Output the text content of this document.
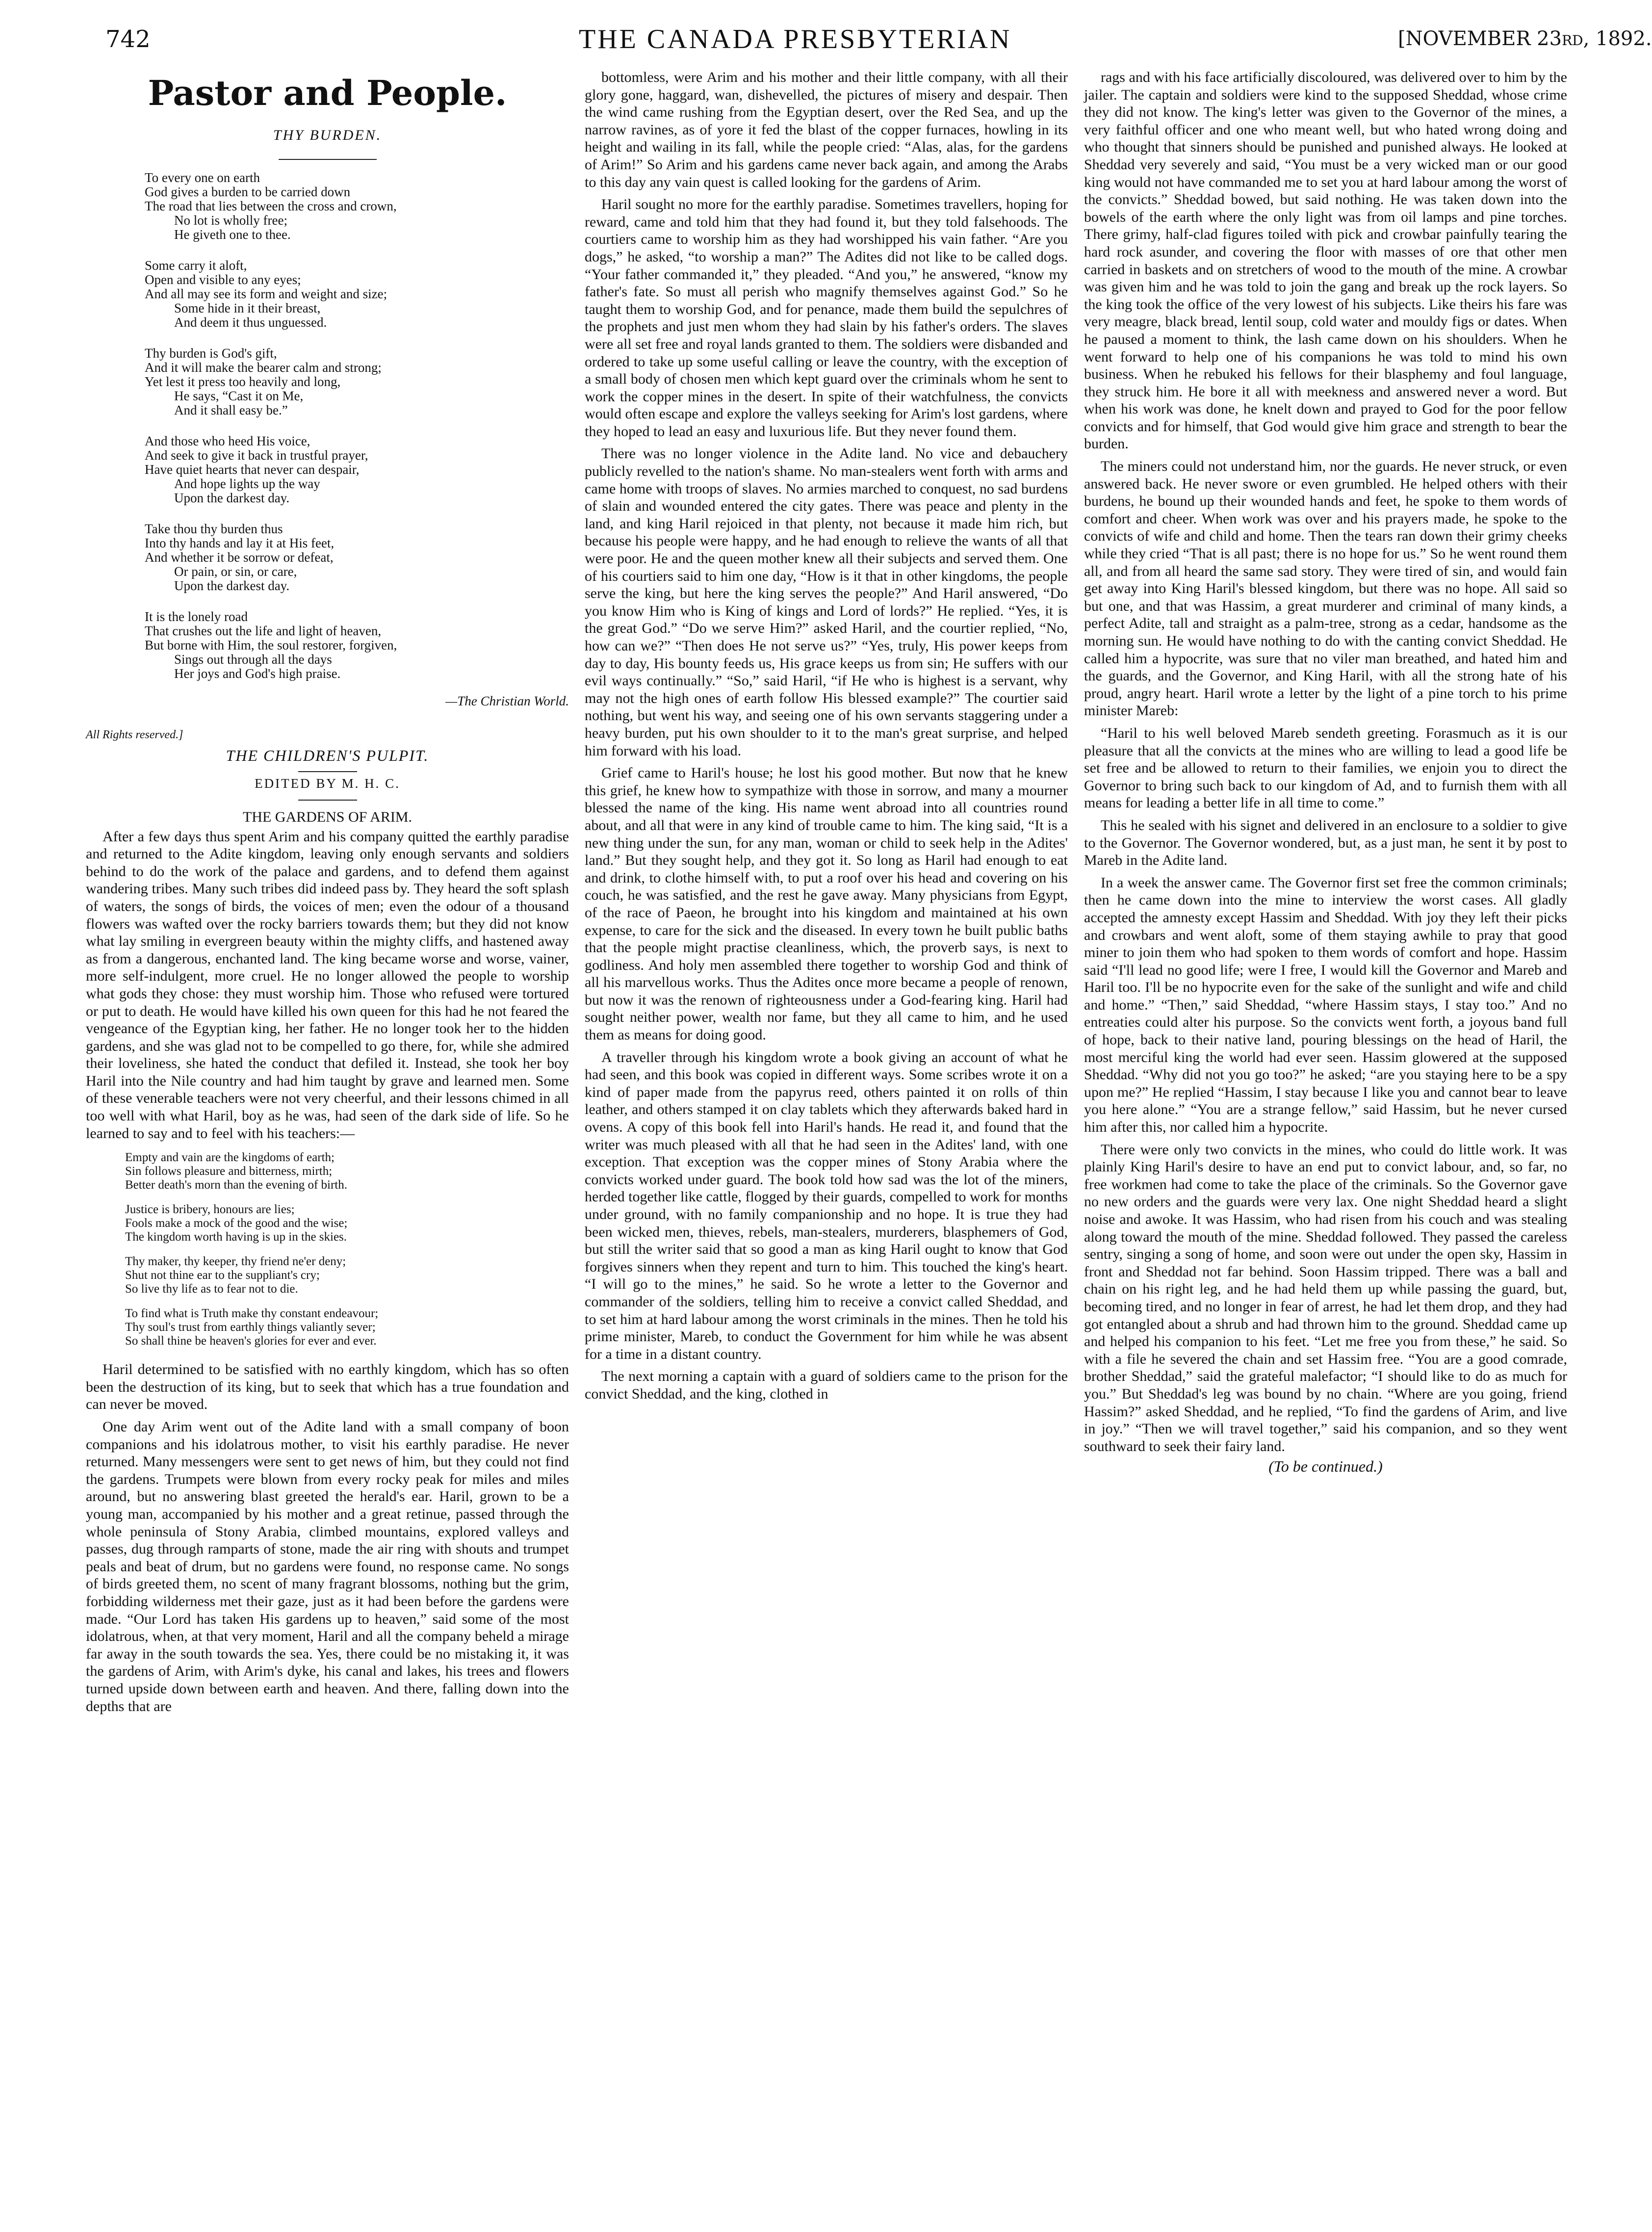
742	THE CANADA PRESBYTERIAN	[NOVEMBER 23rd, 1892.
Pastor and People.
THY BURDEN.
To every one on earth
God gives a burden to be carried down
The road that lies between the cross and crown,
No lot is wholly free;
He giveth one to thee.
Some carry it aloft,
Open and visible to any eyes;
And all may see its form and weight and size;
Some hide in it their breast,
And deem it thus unguessed.
Thy burden is God's gift,
And it will make the bearer calm and strong;
Yet lest it press too heavily and long,
He says, “Cast it on Me,
And it shall easy be.”
And those who heed His voice,
And seek to give it back in trustful prayer,
Have quiet hearts that never can despair,
And hope lights up the way
Upon the darkest day.
Take thou thy burden thus
Into thy hands and lay it at His feet,
And whether it be sorrow or defeat,
Or pain, or sin, or care,
Upon the darkest day.
It is the lonely road
That crushes out the life and light of heaven,
But borne with Him, the soul restorer, forgiven,
Sings out through all the days
Her joys and God's high praise.
—The Christian World.
All Rights reserved.]
THE CHILDREN'S PULPIT.
EDITED BY M. H. C.
THE GARDENS OF ARIM.

After a few days thus spent Arim and his company quitted the earthly paradise and returned to the Adite kingdom, leaving only enough servants and soldiers behind to do the work of the palace and gardens, and to defend them against wandering tribes. Many such tribes did indeed pass by. They heard the soft splash of waters, the songs of birds, the voices of men; even the odour of a thousand flowers was wafted over the rocky barriers towards them; but they did not know what lay smiling in evergreen beauty within the mighty cliffs, and hastened away as from a dangerous, enchanted land. The king became worse and worse, vainer, more self-indulgent, more cruel. He no longer allowed the people to worship what gods they chose: they must worship him. Those who refused were tortured or put to death. He would have killed his own queen for this had he not feared the vengeance of the Egyptian king, her father. He no longer took her to the hidden gardens, and she was glad not to be compelled to go there, for, while she admired their loveliness, she hated the conduct that defiled it. Instead, she took her boy Haril into the Nile country and had him taught by grave and learned men. Some of these venerable teachers were not very cheerful, and their lessons chimed in all too well with what Haril, boy as he was, had seen of the dark side of life. So he learned to say and to feel with his teachers:—

Empty and vain are the kingdoms of earth;
Sin follows pleasure and bitterness, mirth;
Better death's morn than the evening of birth.
Justice is bribery, honours are lies;
Fools make a mock of the good and the wise;
The kingdom worth having is up in the skies.
Thy maker, thy keeper, thy friend ne'er deny;
Shut not thine ear to the suppliant's cry;
So live thy life as to fear not to die.
To find what is Truth make thy constant endeavour;
Thy soul's trust from earthly things valiantly sever;
So shall thine be heaven's glories for ever and ever.

Haril determined to be satisfied with no earthly kingdom, which has so often been the destruction of its king, but to seek that which has a true foundation and can never be moved.

One day Arim went out of the Adite land with a small company of boon companions and his idolatrous mother, to visit his earthly paradise. He never returned. Many messengers were sent to get news of him, but they could not find the gardens. Trumpets were blown from every rocky peak for miles and miles around, but no answering blast greeted the herald's ear. Haril, grown to be a young man, accompanied by his mother and a great retinue, passed through the whole peninsula of Stony Arabia, climbed mountains, explored valleys and passes, dug through ramparts of stone, made the air ring with shouts and trumpet peals and beat of drum, but no gardens were found, no response came. No songs of birds greeted them, no scent of many fragrant blossoms, nothing but the grim, forbidding wilderness met their gaze, just as it had been before the gardens were made. “Our Lord has taken His gardens up to heaven,” said some of the most idolatrous, when, at that very moment, Haril and all the company beheld a mirage far away in the south towards the sea. Yes, there could be no mistaking it, it was the gardens of Arim, with Arim's dyke, his canal and lakes, his trees and flowers turned upside down between earth and heaven. And there, falling down into the depths that are

bottomless, were Arim and his mother and their little company, with all their glory gone, haggard, wan, dishevelled, the pictures of misery and despair. Then the wind came rushing from the Egyptian desert, over the Red Sea, and up the narrow ravines, as of yore it fed the blast of the copper furnaces, howling in its height and wailing in its fall, while the people cried: “Alas, alas, for the gardens of Arim!” So Arim and his gardens came never back again, and among the Arabs to this day any vain quest is called looking for the gardens of Arim.

Haril sought no more for the earthly paradise. Sometimes travellers, hoping for reward, came and told him that they had found it, but they told falsehoods. The courtiers came to worship him as they had worshipped his vain father. “Are you dogs,” he asked, “to worship a man?” The Adites did not like to be called dogs. “Your father commanded it,” they pleaded. “And you,” he answered, “know my father's fate. So must all perish who magnify themselves against God.” So he taught them to worship God, and for penance, made them build the sepulchres of the prophets and just men whom they had slain by his father's orders. The slaves were all set free and royal lands granted to them. The soldiers were disbanded and ordered to take up some useful calling or leave the country, with the exception of a small body of chosen men which kept guard over the criminals whom he sent to work the copper mines in the desert. In spite of their watchfulness, the convicts would often escape and explore the valleys seeking for Arim's lost gardens, where they hoped to lead an easy and luxurious life. But they never found them.

There was no longer violence in the Adite land. No vice and debauchery publicly revelled to the nation's shame. No man-stealers went forth with arms and came home with troops of slaves. No armies marched to conquest, no sad burdens of slain and wounded entered the city gates. There was peace and plenty in the land, and king Haril rejoiced in that plenty, not because it made him rich, but because his people were happy, and he had enough to relieve the wants of all that were poor. He and the queen mother knew all their subjects and served them. One of his courtiers said to him one day, “How is it that in other kingdoms, the people serve the king, but here the king serves the people?” And Haril answered, “Do you know Him who is King of kings and Lord of lords?” He replied. “Yes, it is the great God.” “Do we serve Him?” asked Haril, and the courtier replied, “No, how can we?” “Then does He not serve us?” “Yes, truly, His power keeps from day to day, His bounty feeds us, His grace keeps us from sin; He suffers with our evil ways continually.” “So,” said Haril, “if He who is highest is a servant, why may not the high ones of earth follow His blessed example?” The courtier said nothing, but went his way, and seeing one of his own servants staggering under a heavy burden, put his own shoulder to it to the man's great surprise, and helped him forward with his load.

Grief came to Haril's house; he lost his good mother. But now that he knew this grief, he knew how to sympathize with those in sorrow, and many a mourner blessed the name of the king. His name went abroad into all countries round about, and all that were in any kind of trouble came to him. The king said, “It is a new thing under the sun, for any man, woman or child to seek help in the Adites' land.” But they sought help, and they got it. So long as Haril had enough to eat and drink, to clothe himself with, to put a roof over his head and covering on his couch, he was satisfied, and the rest he gave away. Many physicians from Egypt, of the race of Paeon, he brought into his kingdom and maintained at his own expense, to care for the sick and the diseased. In every town he built public baths that the people might practise cleanliness, which, the proverb says, is next to godliness. And holy men assembled there together to worship God and think of all his marvellous works. Thus the Adites once more became a people of renown, but now it was the renown of righteousness under a God-fearing king. Haril had sought neither power, wealth nor fame, but they all came to him, and he used them as means for doing good.

A traveller through his kingdom wrote a book giving an account of what he had seen, and this book was copied in different ways. Some scribes wrote it on a kind of paper made from the papyrus reed, others painted it on rolls of thin leather, and others stamped it on clay tablets which they afterwards baked hard in ovens. A copy of this book fell into Haril's hands. He read it, and found that the writer was much pleased with all that he had seen in the Adites' land, with one exception. That exception was the copper mines of Stony Arabia where the convicts worked under guard. The book told how sad was the lot of the miners, herded together like cattle, flogged by their guards, compelled to work for months under ground, with no family companionship and no hope. It is true they had been wicked men, thieves, rebels, man-stealers, murderers, blasphemers of God, but still the writer said that so good a man as king Haril ought to know that God forgives sinners when they repent and turn to him. This touched the king's heart. “I will go to the mines,” he said. So he wrote a letter to the Governor and commander of the soldiers, telling him to receive a convict called Sheddad, and to set him at hard labour among the worst criminals in the mines. Then he told his prime minister, Mareb, to conduct the Government for him while he was absent for a time in a distant country.

The next morning a captain with a guard of soldiers came to the prison for the convict Sheddad, and the king, clothed in

rags and with his face artificially discoloured, was delivered over to him by the jailer. The captain and soldiers were kind to the supposed Sheddad, whose crime they did not know. The king's letter was given to the Governor of the mines, a very faithful officer and one who meant well, but who hated wrong doing and who thought that sinners should be punished and punished always. He looked at Sheddad very severely and said, “You must be a very wicked man or our good king would not have commanded me to set you at hard labour among the worst of the convicts.” Sheddad bowed, but said nothing. He was taken down into the bowels of the earth where the only light was from oil lamps and pine torches. There grimy, half-clad figures toiled with pick and crowbar painfully tearing the hard rock asunder, and covering the floor with masses of ore that other men carried in baskets and on stretchers of wood to the mouth of the mine. A crowbar was given him and he was told to join the gang and break up the rock layers. So the king took the office of the very lowest of his subjects. Like theirs his fare was very meagre, black bread, lentil soup, cold water and mouldy figs or dates. When he paused a moment to think, the lash came down on his shoulders. When he went forward to help one of his companions he was told to mind his own business. When he rebuked his fellows for their blasphemy and foul language, they struck him. He bore it all with meekness and answered never a word. But when his work was done, he knelt down and prayed to God for the poor fellow convicts and for himself, that God would give him grace and strength to bear the burden.

The miners could not understand him, nor the guards. He never struck, or even answered back. He never swore or even grumbled. He helped others with their burdens, he bound up their wounded hands and feet, he spoke to them words of comfort and cheer. When work was over and his prayers made, he spoke to the convicts of wife and child and home. Then the tears ran down their grimy cheeks while they cried “That is all past; there is no hope for us.” So he went round them all, and from all heard the same sad story. They were tired of sin, and would fain get away into King Haril's blessed kingdom, but there was no hope. All said so but one, and that was Hassim, a great murderer and criminal of many kinds, a perfect Adite, tall and straight as a palm-tree, strong as a cedar, handsome as the morning sun. He would have nothing to do with the canting convict Sheddad. He called him a hypocrite, was sure that no viler man breathed, and hated him and the guards, and the Governor, and King Haril, with all the strong hate of his proud, angry heart. Haril wrote a letter by the light of a pine torch to his prime minister Mareb:

“Haril to his well beloved Mareb sendeth greeting. Forasmuch as it is our pleasure that all the convicts at the mines who are willing to lead a good life be set free and be allowed to return to their families, we enjoin you to direct the Governor to bring such back to our kingdom of Ad, and to furnish them with all means for leading a better life in all time to come.”

This he sealed with his signet and delivered in an enclosure to a soldier to give to the Governor. The Governor wondered, but, as a just man, he sent it by post to Mareb in the Adite land.

In a week the answer came. The Governor first set free the common criminals; then he came down into the mine to interview the worst cases. All gladly accepted the amnesty except Hassim and Sheddad. With joy they left their picks and crowbars and went aloft, some of them staying awhile to pray that good miner to join them who had spoken to them words of comfort and hope. Hassim said “I'll lead no good life; were I free, I would kill the Governor and Mareb and Haril too. I'll be no hypocrite even for the sake of the sunlight and wife and child and home.” “Then,” said Sheddad, “where Hassim stays, I stay too.” And no entreaties could alter his purpose. So the convicts went forth, a joyous band full of hope, back to their native land, pouring blessings on the head of Haril, the most merciful king the world had ever seen. Hassim glowered at the supposed Sheddad. “Why did not you go too?” he asked; “are you staying here to be a spy upon me?” He replied “Hassim, I stay because I like you and cannot bear to leave you here alone.” “You are a strange fellow,” said Hassim, but he never cursed him after this, nor called him a hypocrite.

There were only two convicts in the mines, who could do little work. It was plainly King Haril's desire to have an end put to convict labour, and, so far, no free workmen had come to take the place of the criminals. So the Governor gave no new orders and the guards were very lax. One night Sheddad heard a slight noise and awoke. It was Hassim, who had risen from his couch and was stealing along toward the mouth of the mine. Sheddad followed. They passed the careless sentry, singing a song of home, and soon were out under the open sky, Hassim in front and Sheddad not far behind. Soon Hassim tripped. There was a ball and chain on his right leg, and he had held them up while passing the guard, but, becoming tired, and no longer in fear of arrest, he had let them drop, and they had got entangled about a shrub and had thrown him to the ground. Sheddad came up and helped his companion to his feet. “Let me free you from these,” he said. So with a file he severed the chain and set Hassim free. “You are a good comrade, brother Sheddad,” said the grateful malefactor; “I should like to do as much for you.” But Sheddad's leg was bound by no chain. “Where are you going, friend Hassim?” asked Sheddad, and he replied, “To find the gardens of Arim, and live in joy.” “Then we will travel together,” said his companion, and so they went southward to seek their fairy land.

(To be continued.)
